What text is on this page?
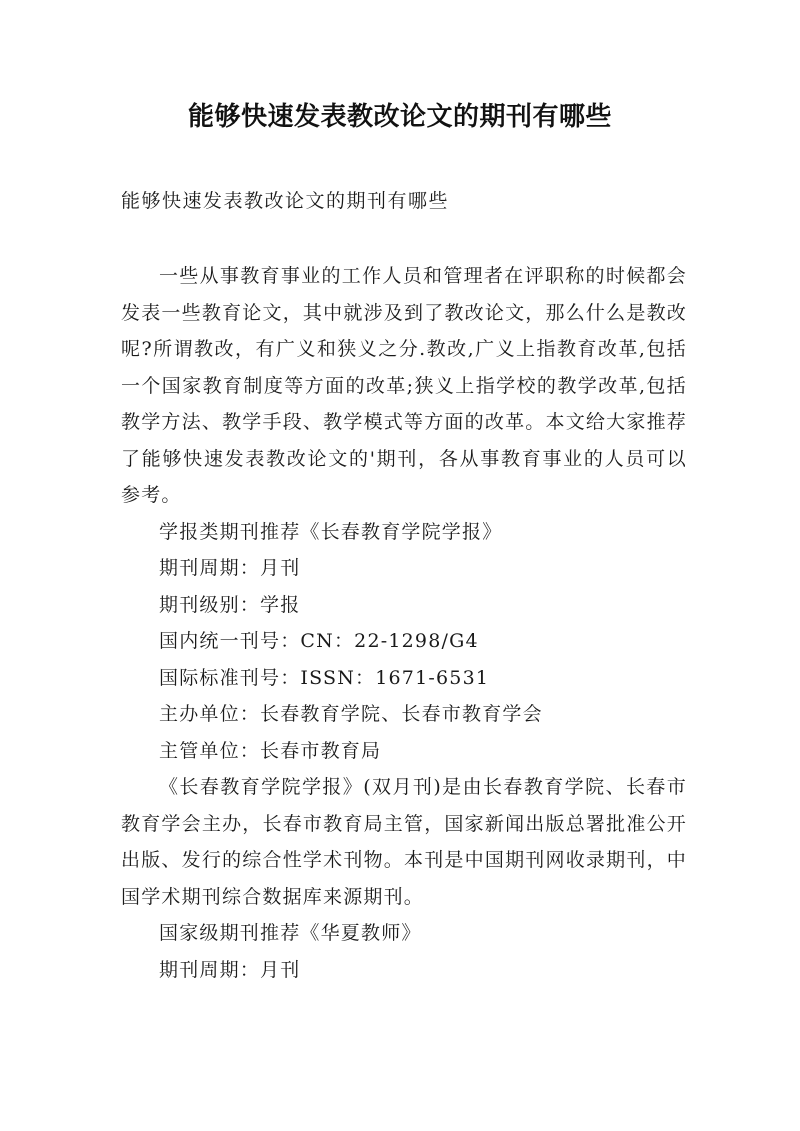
能够快速发表教改论文的期刊有哪些
能够快速发表教改论文的期刊有哪些

一些从事教育事业的工作人员和管理者在评职称的时候都会发表一些教育论文，其中就涉及到了教改论文，那么什么是教改呢?所谓教改，有广义和狭义之分.教改,广义上指教育改革,包括一个国家教育制度等方面的改革;狭义上指学校的教学改革,包括教学方法、教学手段、教学模式等方面的改革。本文给大家推荐了能够快速发表教改论文的'期刊，各从事教育事业的人员可以参考。

学报类期刊推荐《长春教育学院学报》

期刊周期：月刊

期刊级别：学报

国内统一刊号：CN：22-1298/G4

国际标准刊号：ISSN：1671-6531

主办单位：长春教育学院、长春市教育学会

主管单位：长春市教育局

《长春教育学院学报》(双月刊)是由长春教育学院、长春市教育学会主办，长春市教育局主管，国家新闻出版总署批准公开出版、发行的综合性学术刊物。本刊是中国期刊网收录期刊，中国学术期刊综合数据库来源期刊。

国家级期刊推荐《华夏教师》

期刊周期：月刊
